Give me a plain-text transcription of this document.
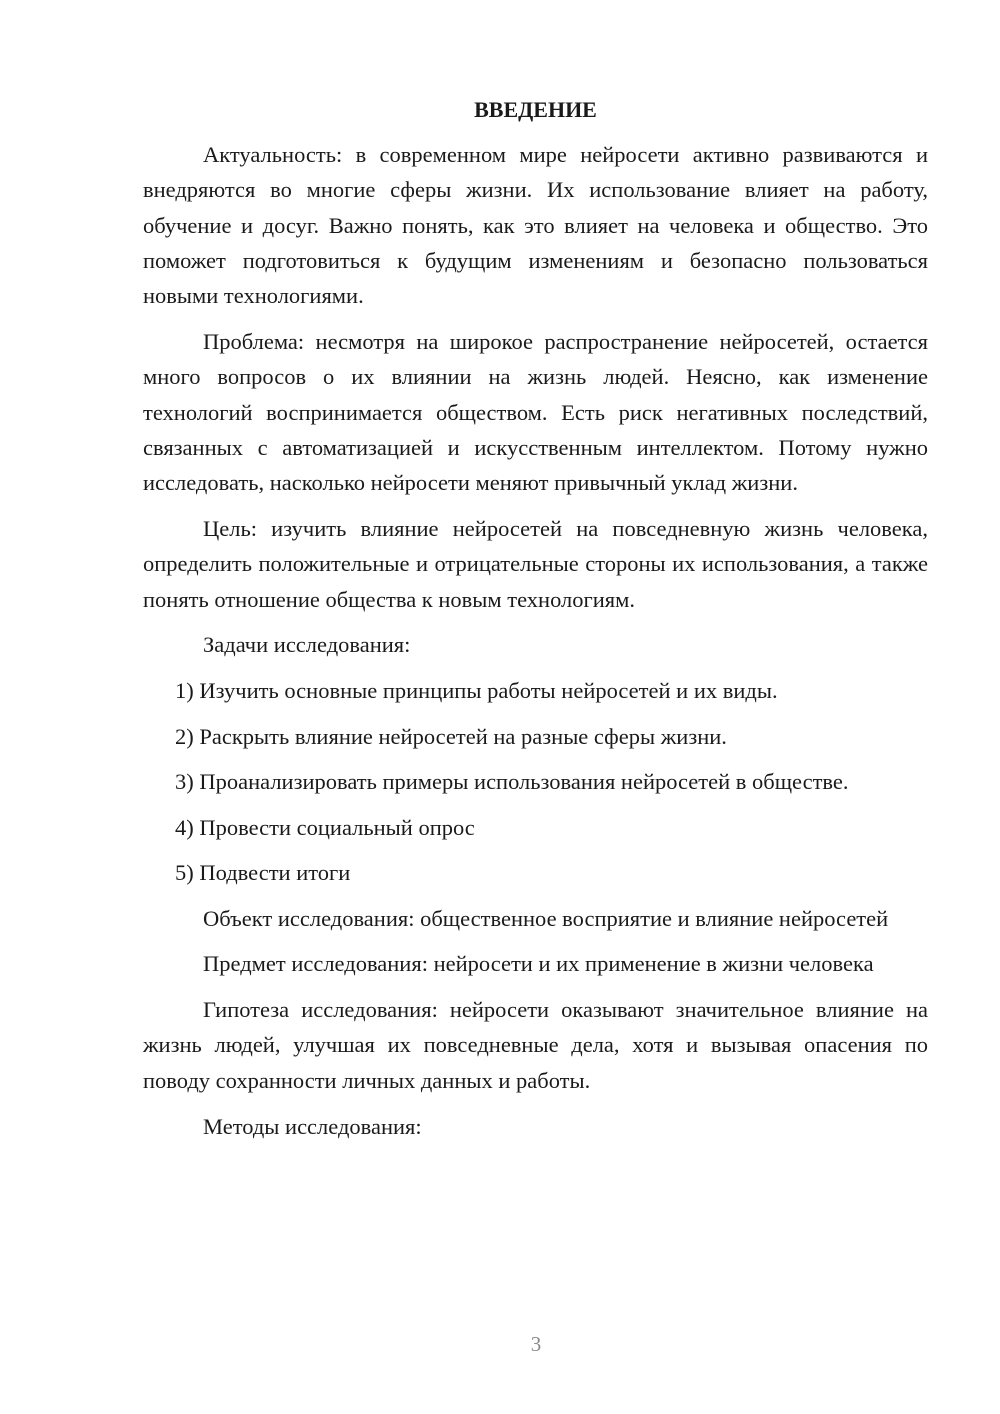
ВВЕДЕНИЕ

Актуальность: в современном мире нейросети активно развиваются и внедряются во многие сферы жизни. Их использование влияет на работу, обучение и досуг. Важно понять, как это влияет на человека и общество. Это поможет подготовиться к будущим изменениям и безопасно пользоваться новыми технологиями.

Проблема: несмотря на широкое распространение нейросетей, остается много вопросов о их влиянии на жизнь людей. Неясно, как изменение технологий воспринимается обществом. Есть риск негативных последствий, связанных с автоматизацией и искусственным интеллектом. Потому нужно исследовать, насколько нейросети меняют привычный уклад жизни.

Цель: изучить влияние нейросетей на повседневную жизнь человека, определить положительные и отрицательные стороны их использования, а также понять отношение общества к новым технологиям.

Задачи исследования:
1) Изучить основные принципы работы нейросетей и их виды.
2) Раскрыть влияние нейросетей на разные сферы жизни.
3) Проанализировать примеры использования нейросетей в обществе.
4) Провести социальный опрос
5) Подвести итоги

Объект исследования: общественное восприятие и влияние нейросетей

Предмет исследования: нейросети и их применение в жизни человека

Гипотеза исследования: нейросети оказывают значительное влияние на жизнь людей, улучшая их повседневные дела, хотя и вызывая опасения по поводу сохранности личных данных и работы.

Методы исследования:
3
